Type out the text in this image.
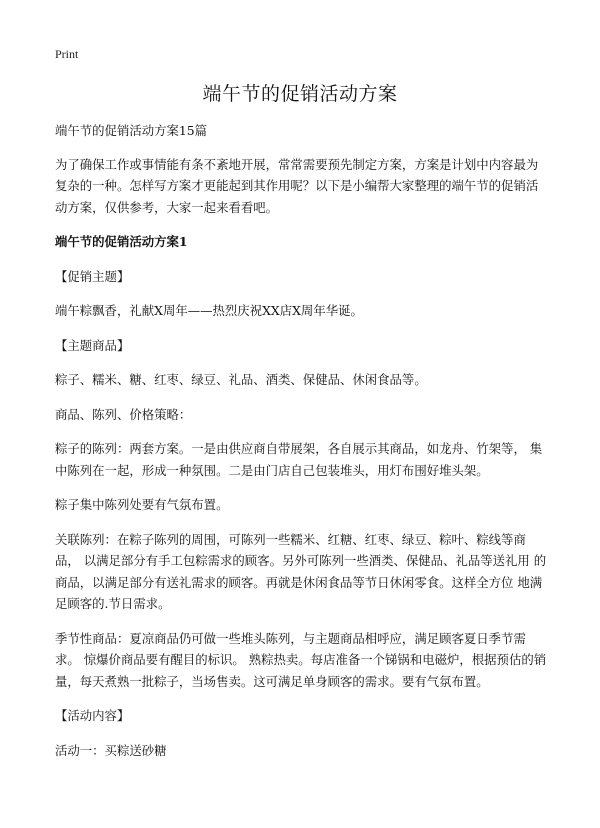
Print
端午节的促销活动方案

端午节的促销活动方案15篇

为了确保工作或事情能有条不紊地开展，常常需要预先制定方案，方案是计划中内容最为复杂的一种。怎样写方案才更能起到其作用呢？以下是小编帮大家整理的端午节的促销活动方案，仅供参考，大家一起来看看吧。

端午节的促销活动方案1

【促销主题】

端午粽飘香，礼献Ⅹ周年——热烈庆祝XX店X周年华诞。

【主题商品】

粽子、糯米、糖、红枣、绿豆、礼品、酒类、保健品、休闲食品等。

商品、陈列、价格策略：

粽子的陈列：两套方案。一是由供应商自带展架，各自展示其商品，如龙舟、竹架等， 集中陈列在一起，形成一种氛围。二是由门店自己包装堆头，用灯布围好堆头架。

粽子集中陈列处要有气氛布置。

关联陈列：在粽子陈列的周围，可陈列一些糯米、红糖、红枣、绿豆、粽叶、粽线等商 品， 以满足部分有手工包粽需求的顾客。另外可陈列一些酒类、保健品、礼品等送礼用 的商品，以满足部分有送礼需求的顾客。再就是休闲食品等节日休闲零食。这样全方位 地满足顾客的.节日需求。

季节性商品：夏凉商品仍可做一些堆头陈列，与主题商品相呼应，满足顾客夏日季节需 求。 惊爆价商品要有醒目的标识。 熟粽热卖。每店准备一个锑锅和电磁炉，根据预估的销量，每天煮熟一批粽子，当场售卖。这可满足单身顾客的需求。要有气氛布置。

【活动内容】

活动一：买粽送砂糖
